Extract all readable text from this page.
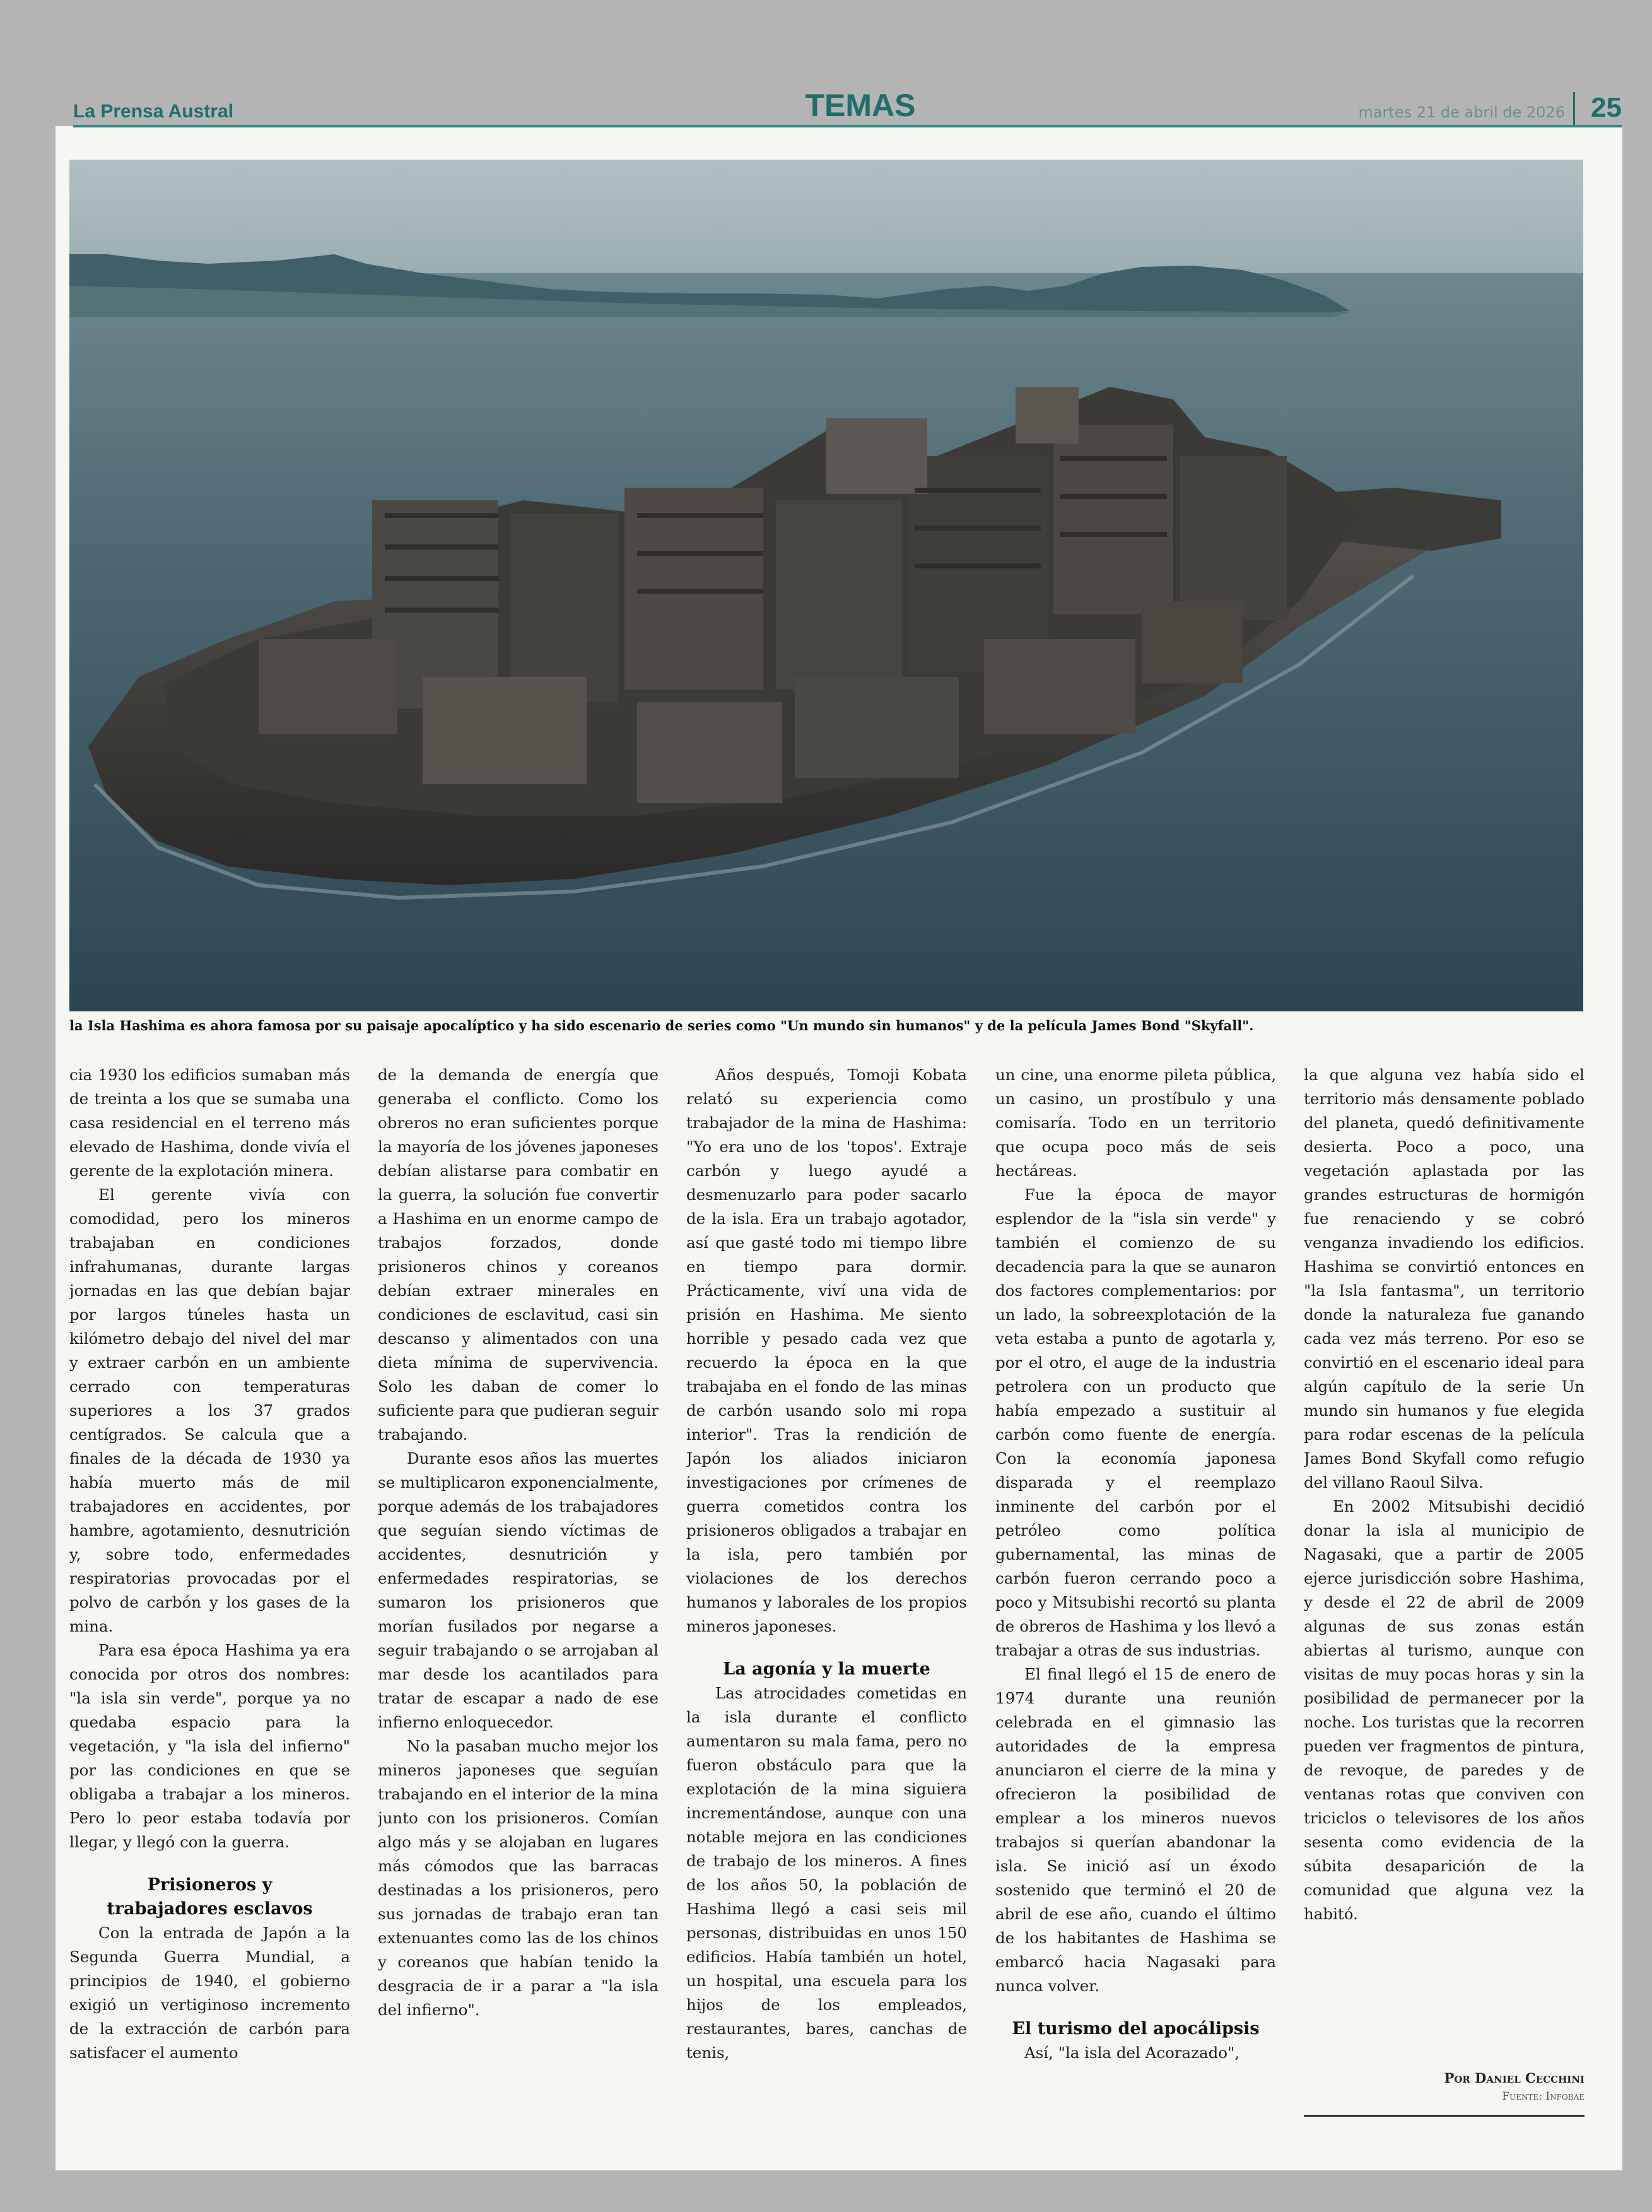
La Prensa Austral	TEMAS	martes 21 de abril de 2026 25
la Isla Hashima es ahora famosa por su paisaje apocalíptico y ha sido escenario de series como "Un mundo sin humanos" y de la película James Bond "Skyfall".

cia 1930 los edificios sumaban más de treinta a los que se sumaba una casa residencial en el terreno más elevado de Hashima, donde vivía el gerente de la explotación minera.

El gerente vivía con comodidad, pero los mineros trabajaban en condiciones infrahumanas, durante largas jornadas en las que debían bajar por largos túneles hasta un kilómetro debajo del nivel del mar y extraer carbón en un ambiente cerrado con temperaturas superiores a los 37 grados centígrados. Se calcula que a finales de la década de 1930 ya había muerto más de mil trabajadores en accidentes, por hambre, agotamiento, desnutrición y, sobre todo, enfermedades respiratorias provocadas por el polvo de carbón y los gases de la mina.

Para esa época Hashima ya era conocida por otros dos nombres: "la isla sin verde", porque ya no quedaba espacio para la vegetación, y "la isla del infierno" por las condiciones en que se obligaba a trabajar a los mineros. Pero lo peor estaba todavía por llegar, y llegó con la guerra.

Prisioneros y
trabajadores esclavos

Con la entrada de Japón a la Segunda Guerra Mundial, a principios de 1940, el gobierno exigió un vertiginoso incremento de la extracción de carbón para satisfacer el aumento

de la demanda de energía que generaba el conflicto. Como los obreros no eran suficientes porque la mayoría de los jóvenes japoneses debían alistarse para combatir en la guerra, la solución fue convertir a Hashima en un enorme campo de trabajos forzados, donde prisioneros chinos y coreanos debían extraer minerales en condiciones de esclavitud, casi sin descanso y alimentados con una dieta mínima de supervivencia. Solo les daban de comer lo suficiente para que pudieran seguir trabajando.

Durante esos años las muertes se multiplicaron exponencialmente, porque además de los trabajadores que seguían siendo víctimas de accidentes, desnutrición y enfermedades respiratorias, se sumaron los prisioneros que morían fusilados por negarse a seguir trabajando o se arrojaban al mar desde los acantilados para tratar de escapar a nado de ese infierno enloquecedor.

No la pasaban mucho mejor los mineros japoneses que seguían trabajando en el interior de la mina junto con los prisioneros. Comían algo más y se alojaban en lugares más cómodos que las barracas destinadas a los prisioneros, pero sus jornadas de trabajo eran tan extenuantes como las de los chinos y coreanos que habían tenido la desgracia de ir a parar a "la isla del infierno".

Años después, Tomoji Kobata relató su experiencia como trabajador de la mina de Hashima: "Yo era uno de los 'topos'. Extraje carbón y luego ayudé a desmenuzarlo para poder sacarlo de la isla. Era un trabajo agotador, así que gasté todo mi tiempo libre en tiempo para dormir. Prácticamente, viví una vida de prisión en Hashima. Me siento horrible y pesado cada vez que recuerdo la época en la que trabajaba en el fondo de las minas de carbón usando solo mi ropa interior". Tras la rendición de Japón los aliados iniciaron investigaciones por crímenes de guerra cometidos contra los prisioneros obligados a trabajar en la isla, pero también por violaciones de los derechos humanos y laborales de los propios mineros japoneses.

La agonía y la muerte

Las atrocidades cometidas en la isla durante el conflicto aumentaron su mala fama, pero no fueron obstáculo para que la explotación de la mina siguiera incrementándose, aunque con una notable mejora en las condiciones de trabajo de los mineros. A fines de los años 50, la población de Hashima llegó a casi seis mil personas, distribuidas en unos 150 edificios. Había también un hotel, un hospital, una escuela para los hijos de los empleados, restaurantes, bares, canchas de tenis,

un cine, una enorme pileta pública, un casino, un prostíbulo y una comisaría. Todo en un territorio que ocupa poco más de seis hectáreas.

Fue la época de mayor esplendor de la "isla sin verde" y también el comienzo de su decadencia para la que se aunaron dos factores complementarios: por un lado, la sobreexplotación de la veta estaba a punto de agotarla y, por el otro, el auge de la industria petrolera con un producto que había empezado a sustituir al carbón como fuente de energía. Con la economía japonesa disparada y el reemplazo inminente del carbón por el petróleo como política gubernamental, las minas de carbón fueron cerrando poco a poco y Mitsubishi recortó su planta de obreros de Hashima y los llevó a trabajar a otras de sus industrias.

El final llegó el 15 de enero de 1974 durante una reunión celebrada en el gimnasio las autoridades de la empresa anunciaron el cierre de la mina y ofrecieron la posibilidad de emplear a los mineros nuevos trabajos si querían abandonar la isla. Se inició así un éxodo sostenido que terminó el 20 de abril de ese año, cuando el último de los habitantes de Hashima se embarcó hacia Nagasaki para nunca volver.

El turismo del apocálipsis

Así, "la isla del Acorazado",

la que alguna vez había sido el territorio más densamente poblado del planeta, quedó definitivamente desierta. Poco a poco, una vegetación aplastada por las grandes estructuras de hormigón fue renaciendo y se cobró venganza invadiendo los edificios. Hashima se convirtió entonces en "la Isla fantasma", un territorio donde la naturaleza fue ganando cada vez más terreno. Por eso se convirtió en el escenario ideal para algún capítulo de la serie Un mundo sin humanos y fue elegida para rodar escenas de la película James Bond Skyfall como refugio del villano Raoul Silva.

En 2002 Mitsubishi decidió donar la isla al municipio de Nagasaki, que a partir de 2005 ejerce jurisdicción sobre Hashima, y desde el 22 de abril de 2009 algunas de sus zonas están abiertas al turismo, aunque con visitas de muy pocas horas y sin la posibilidad de permanecer por la noche. Los turistas que la recorren pueden ver fragmentos de pintura, de revoque, de paredes y de ventanas rotas que conviven con triciclos o televisores de los años sesenta como evidencia de la súbita desaparición de la comunidad que alguna vez la habitó.

Por Daniel Cecchini
Fuente: Infobae
